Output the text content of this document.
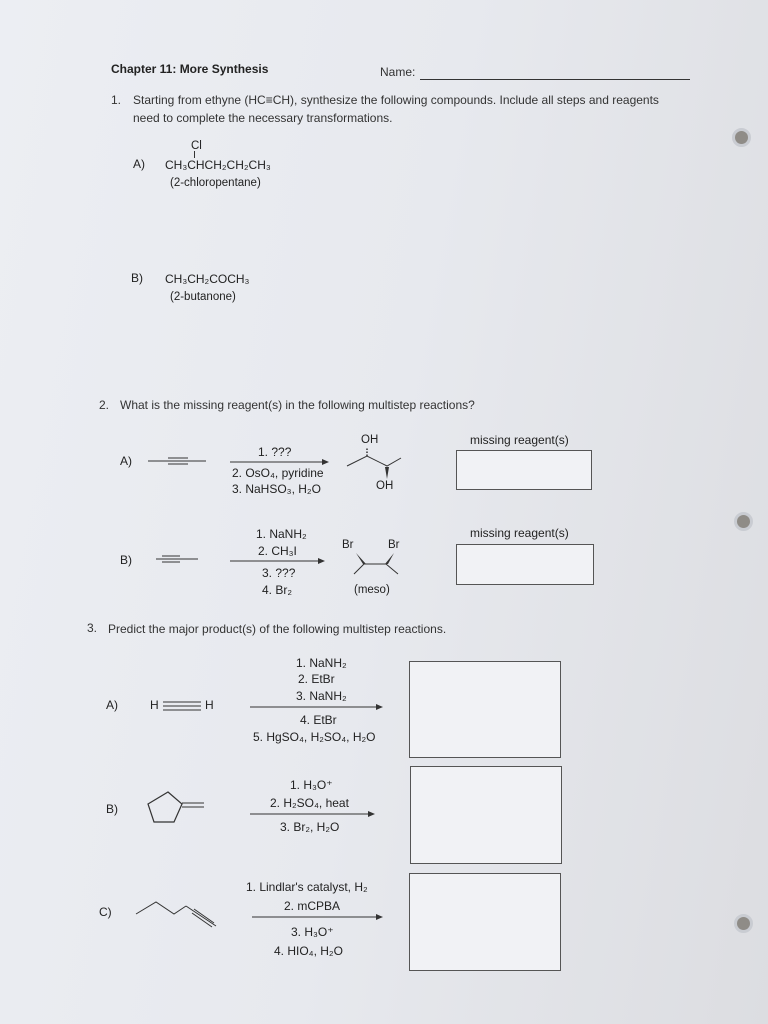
Chapter 11: More Synthesis	Name:
1. Starting from ethyne (HC≡CH), synthesize the following compounds. Include all steps and reagents
need to complete the necessary transformations.
A)
Cl
CH₃CHCH₂CH₂CH₃
(2-chloropentane)
B) CH₃CH₂COCH₃
(2-butanone)
2. What is the missing reagent(s) in the following multistep reactions?
A)
1. ???
2. OsO₄, pyridine
3. NaHSO₃, H₂O
OH
OH
missing reagent(s)
B)
1. NaNH₂
2. CH₃I
3. ???
4. Br₂
Br	Br
(meso)
missing reagent(s)
3. Predict the major product(s) of the following multistep reactions.
A)	H	H
1. NaNH₂
2. EtBr
3. NaNH₂
4. EtBr
5. HgSO₄, H₂SO₄, H₂O
B)
1. H₃O⁺
2. H₂SO₄, heat
3. Br₂, H₂O
C)
1. Lindlar's catalyst, H₂
2. mCPBA
3. H₃O⁺
4. HIO₄, H₂O
